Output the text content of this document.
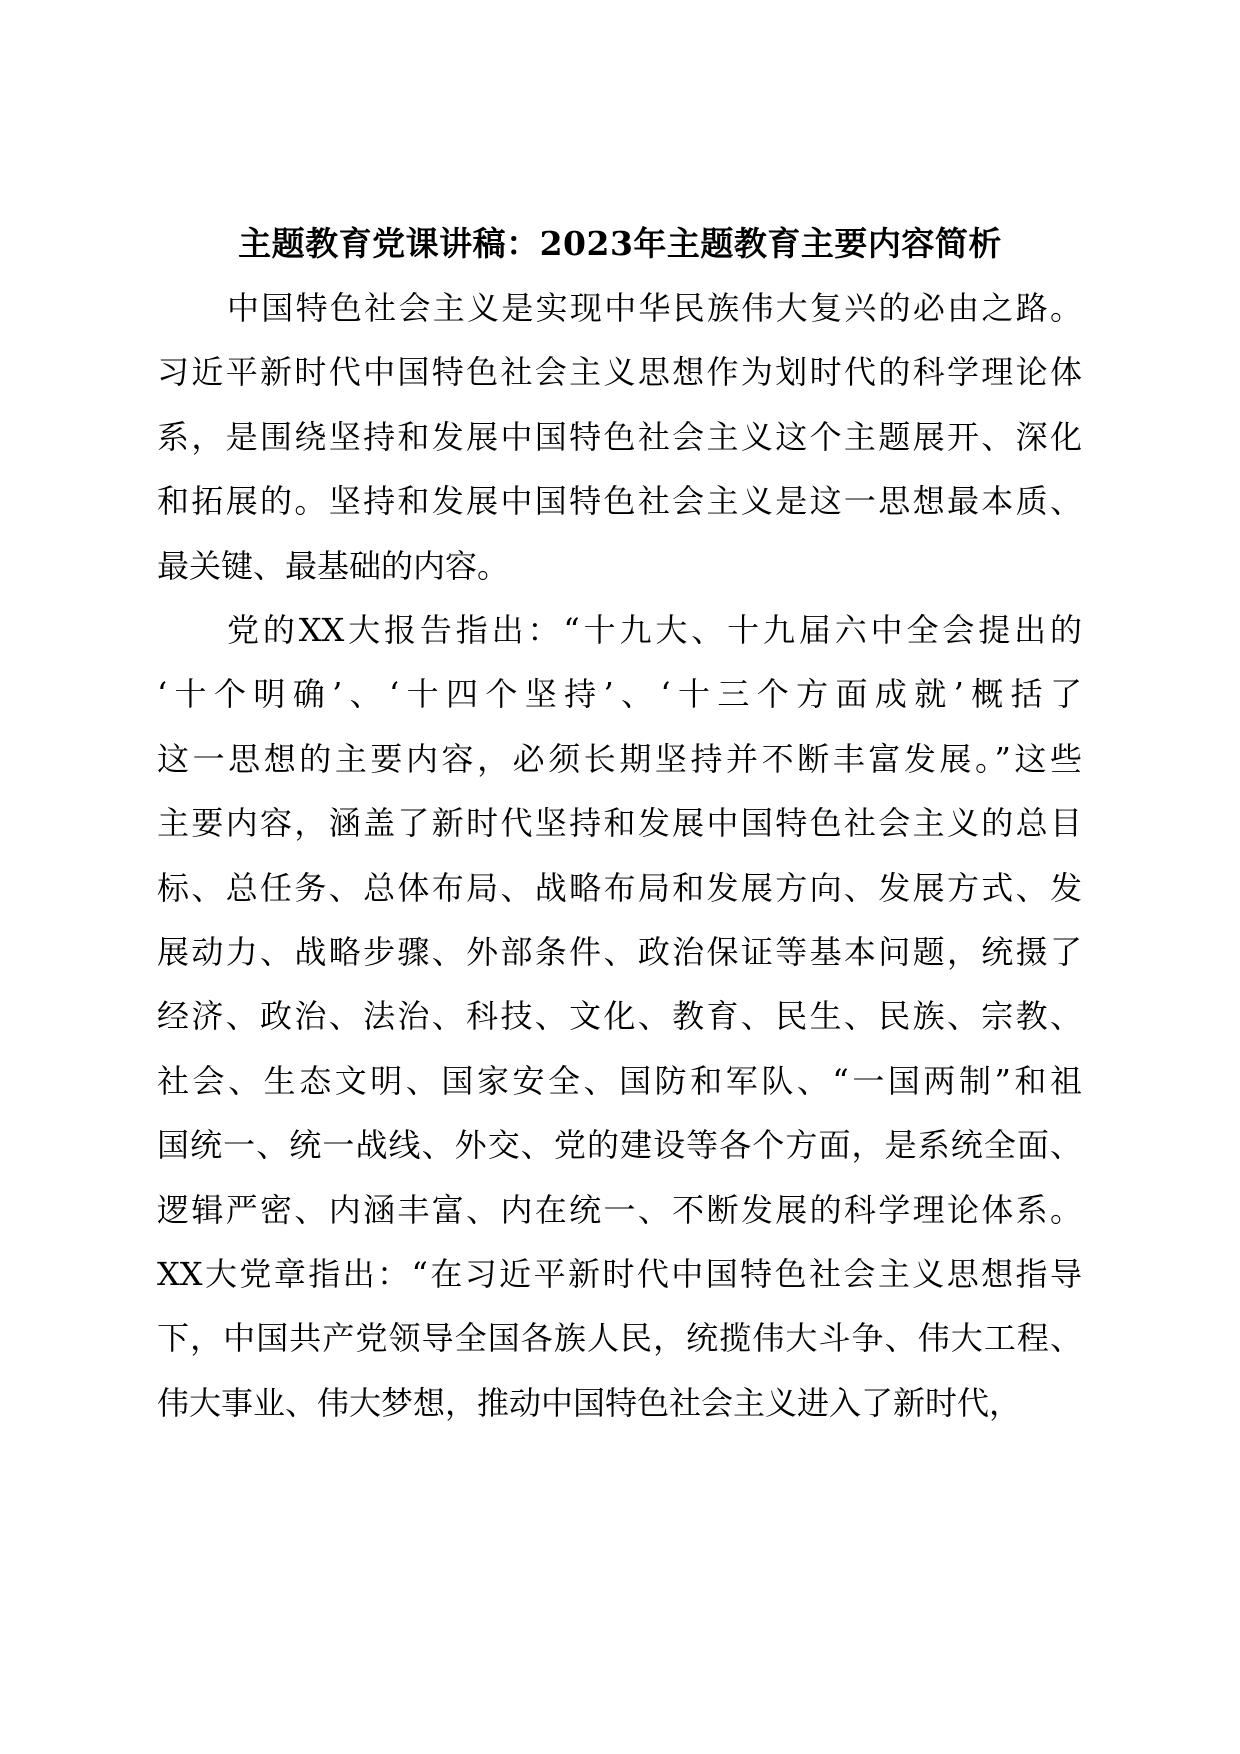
主题教育党课讲稿：2023年主题教育主要内容简析
中国特色社会主义是实现中华民族伟大复兴的必由之路。
习近平新时代中国特色社会主义思想作为划时代的科学理论体
系，是围绕坚持和发展中国特色社会主义这个主题展开、深化
和拓展的。坚持和发展中国特色社会主义是这一思想最本质、
最关键、最基础的内容。
党的XX大报告指出：“十九大、十九届六中全会提出的
‘十个明确’、‘十四个坚持’、‘十三个方面成就’概括了
这一思想的主要内容，必须长期坚持并不断丰富发展。”这些
主要内容，涵盖了新时代坚持和发展中国特色社会主义的总目
标、总任务、总体布局、战略布局和发展方向、发展方式、发
展动力、战略步骤、外部条件、政治保证等基本问题，统摄了
经济、政治、法治、科技、文化、教育、民生、民族、宗教、
社会、生态文明、国家安全、国防和军队、“一国两制”和祖
国统一、统一战线、外交、党的建设等各个方面，是系统全面、
逻辑严密、内涵丰富、内在统一、不断发展的科学理论体系。
XX大党章指出：“在习近平新时代中国特色社会主义思想指导
下，中国共产党领导全国各族人民，统揽伟大斗争、伟大工程、
伟大事业、伟大梦想，推动中国特色社会主义进入了新时代，
